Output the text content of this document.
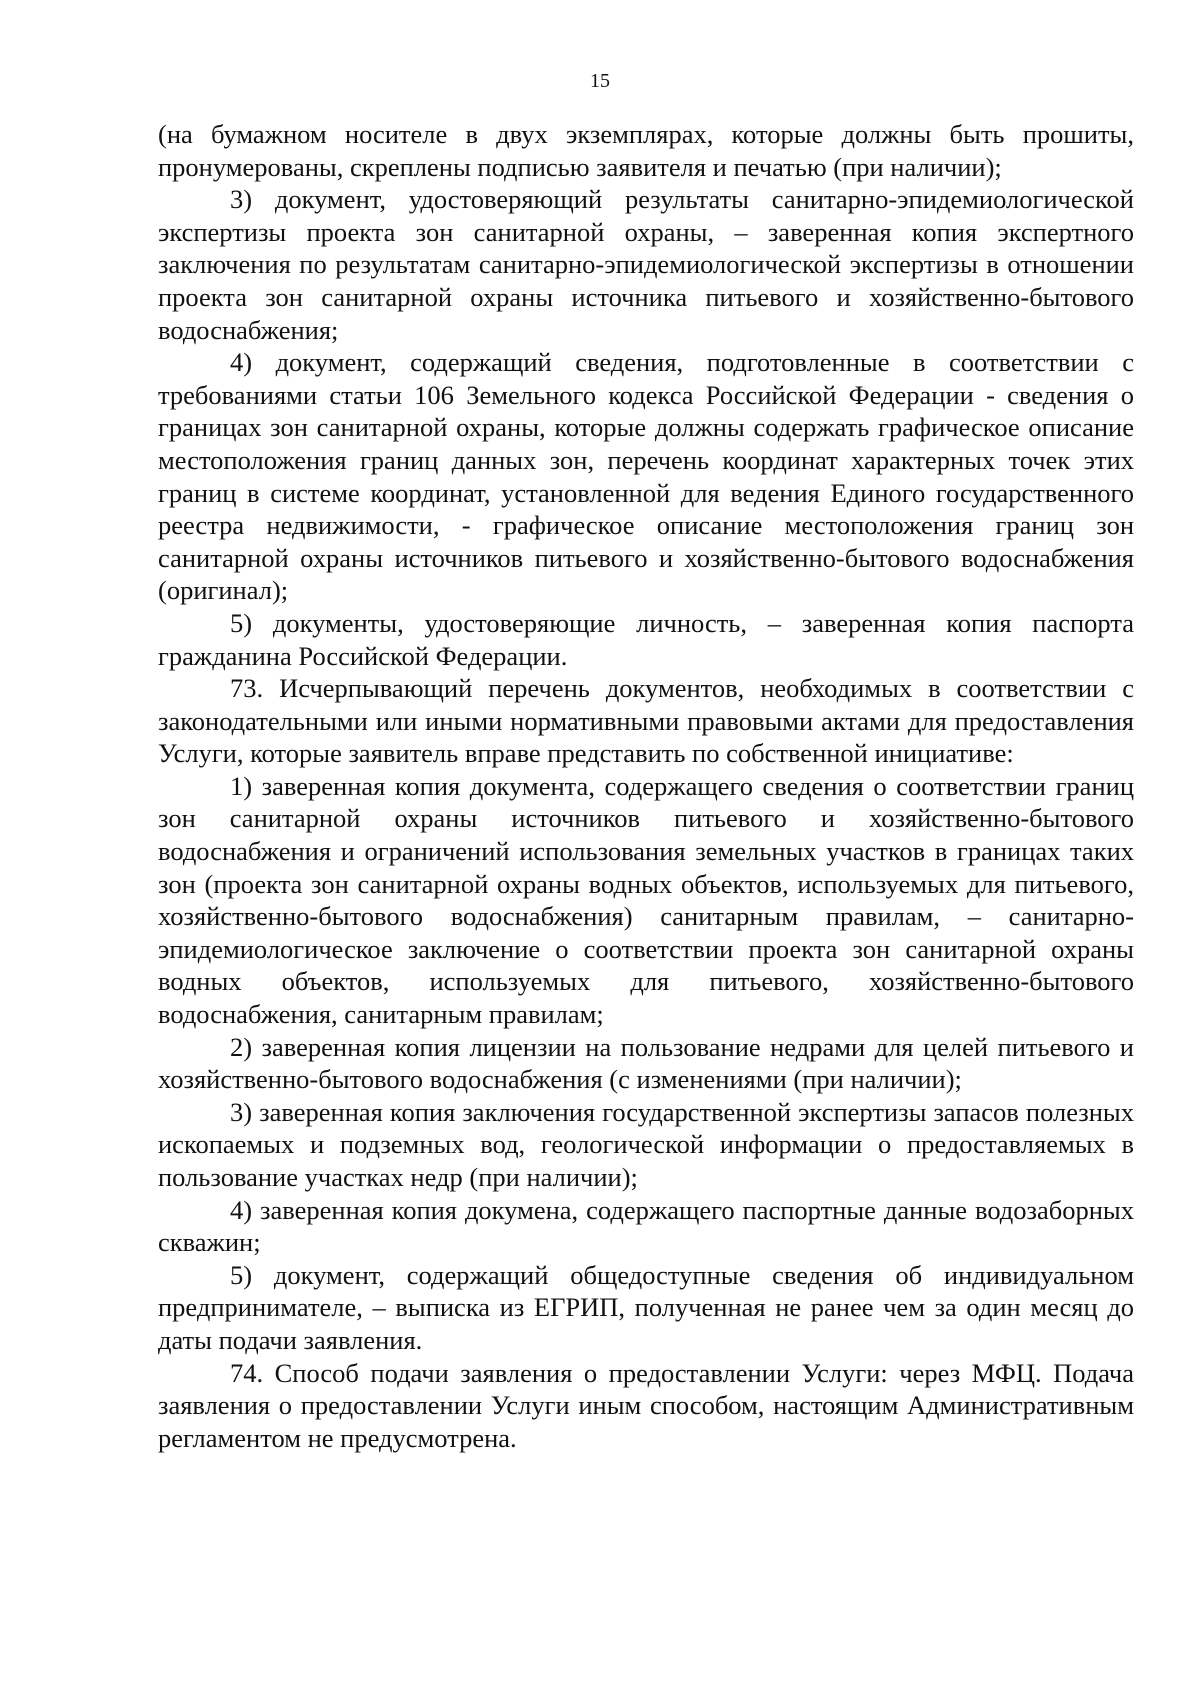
15

(на бумажном носителе в двух экземплярах, которые должны быть прошиты, пронумерованы, скреплены подписью заявителя и печатью (при наличии);

3) документ, удостоверяющий результаты санитарно-эпидемиологической экспертизы проекта зон санитарной охраны, – заверенная копия экспертного заключения по результатам санитарно-эпидемиологической экспертизы в отношении проекта зон санитарной охраны источника питьевого и хозяйственно-бытового водоснабжения;

4) документ, содержащий сведения, подготовленные в соответствии с требованиями статьи 106 Земельного кодекса Российской Федерации - сведения о границах зон санитарной охраны, которые должны содержать графическое описание местоположения границ данных зон, перечень координат характерных точек этих границ в системе координат, установленной для ведения Единого государственного реестра недвижимости, - графическое описание местоположения границ зон санитарной охраны источников питьевого и хозяйственно-бытового водоснабжения (оригинал);

5) документы, удостоверяющие личность, – заверенная копия паспорта гражданина Российской Федерации.

73. Исчерпывающий перечень документов, необходимых в соответствии с законодательными или иными нормативными правовыми актами для предоставления Услуги, которые заявитель вправе представить по собственной инициативе:

1) заверенная копия документа, содержащего сведения о соответствии границ зон санитарной охраны источников питьевого и хозяйственно-бытового водоснабжения и ограничений использования земельных участков в границах таких зон (проекта зон санитарной охраны водных объектов, используемых для питьевого, хозяйственно-бытового водоснабжения) санитарным правилам, – санитарно-эпидемиологическое заключение о соответствии проекта зон санитарной охраны водных объектов, используемых для питьевого, хозяйственно-бытового водоснабжения, санитарным правилам;

2) заверенная копия лицензии на пользование недрами для целей питьевого и хозяйственно-бытового водоснабжения (с изменениями (при наличии);

3) заверенная копия заключения государственной экспертизы запасов полезных ископаемых и подземных вод, геологической информации о предоставляемых в пользование участках недр (при наличии);

4) заверенная копия докумена, содержащего паспортные данные водозаборных скважин;

5) документ, содержащий общедоступные сведения об индивидуальном предпринимателе, – выписка из ЕГРИП, полученная не ранее чем за один месяц до даты подачи заявления.

74. Способ подачи заявления о предоставлении Услуги: через МФЦ. Подача заявления о предоставлении Услуги иным способом, настоящим Административным регламентом не предусмотрена.
